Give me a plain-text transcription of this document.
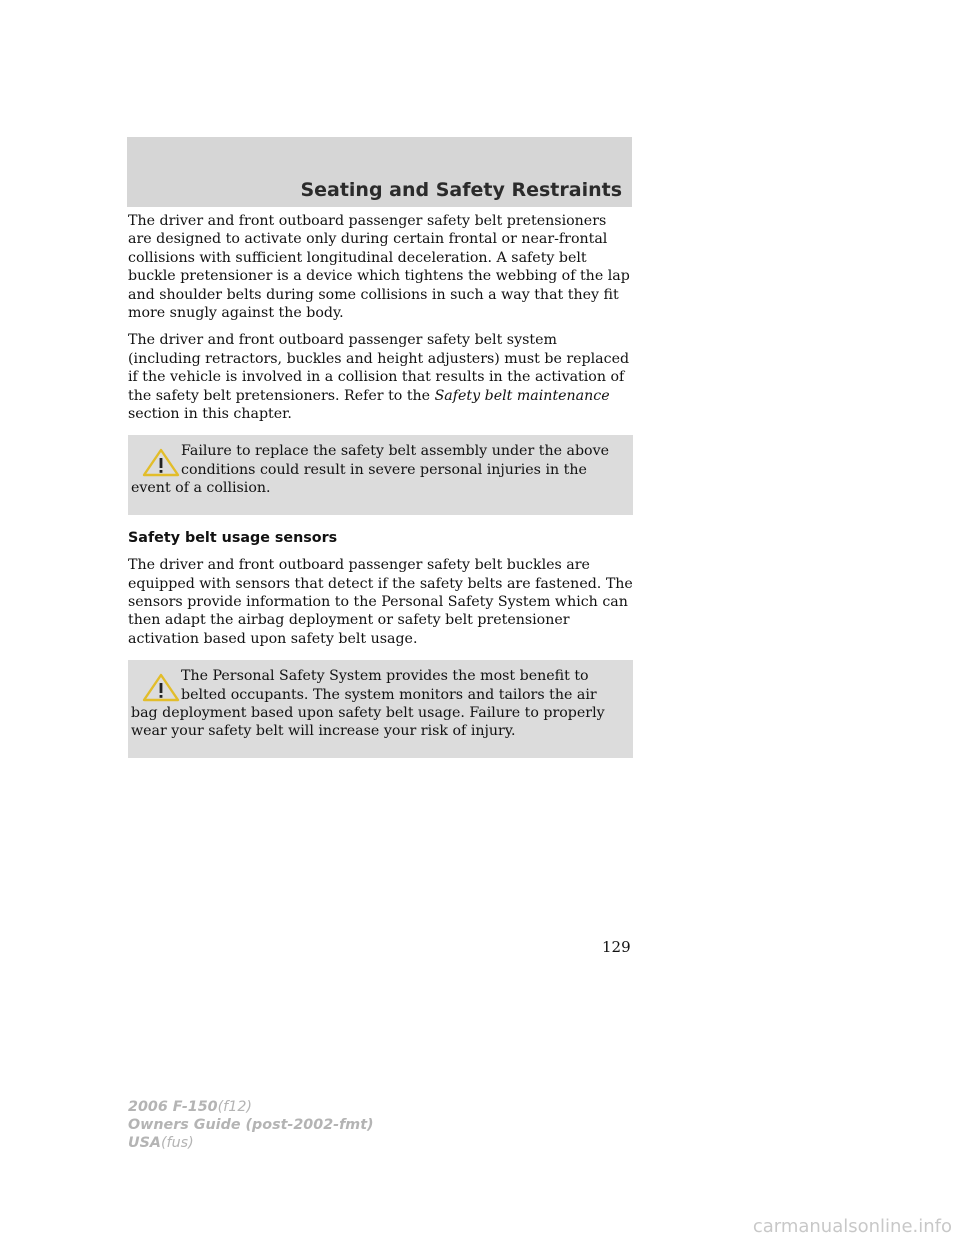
Seating and Safety Restraints

The driver and front outboard passenger safety belt pretensioners are designed to activate only during certain frontal or near-frontal collisions with sufficient longitudinal deceleration. A safety belt buckle pretensioner is a device which tightens the webbing of the lap and shoulder belts during some collisions in such a way that they fit more snugly against the body.

The driver and front outboard passenger safety belt system (including retractors, buckles and height adjusters) must be replaced if the vehicle is involved in a collision that results in the activation of the safety belt pretensioners. Refer to the Safety belt maintenance section in this chapter.

Failure to replace the safety belt assembly under the above conditions could result in severe personal injuries in the event of a collision.

Safety belt usage sensors

The driver and front outboard passenger safety belt buckles are equipped with sensors that detect if the safety belts are fastened. The sensors provide information to the Personal Safety System which can then adapt the airbag deployment or safety belt pretensioner activation based upon safety belt usage.

The Personal Safety System provides the most benefit to belted occupants. The system monitors and tailors the air bag deployment based upon safety belt usage. Failure to properly wear your safety belt will increase your risk of injury.

129
2006 F-150(f12)
Owners Guide (post-2002-fmt)
USA(fus)
carmanualsonline.info
